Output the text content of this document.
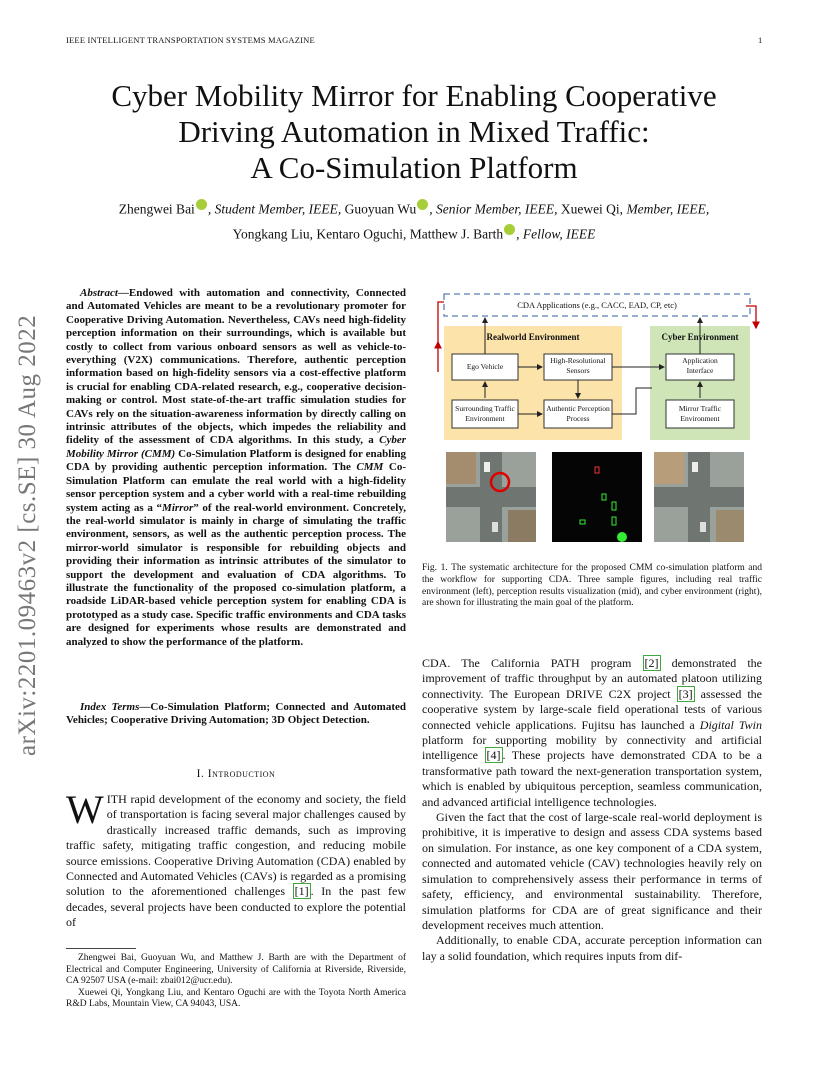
IEEE INTELLIGENT TRANSPORTATION SYSTEMS MAGAZINE	1
Cyber Mobility Mirror for Enabling Cooperative
Driving Automation in Mixed Traffic:
A Co-Simulation Platform
Zhengwei Bai , Student Member, IEEE, Guoyuan Wu , Senior Member, IEEE, Xuewei Qi, Member, IEEE,
Yongkang Liu, Kentaro Oguchi, Matthew J. Barth , Fellow, IEEE
arXiv:2201.09463v2 [cs.SE] 30 Aug 2022
Abstract—Endowed with automation and connectivity, Connected and Automated Vehicles are meant to be a revolutionary promoter for Cooperative Driving Automation. Nevertheless, CAVs need high-fidelity perception information on their surroundings, which is available but costly to collect from various onboard sensors as well as vehicle-to-everything (V2X) communications. Therefore, authentic perception information based on high-fidelity sensors via a cost-effective platform is crucial for enabling CDA-related research, e.g., cooperative decision-making or control. Most state-of-the-art traffic simulation studies for CAVs rely on the situation-awareness information by directly calling on intrinsic attributes of the objects, which impedes the reliability and fidelity of the assessment of CDA algorithms. In this study, a Cyber Mobility Mirror (CMM) Co-Simulation Platform is designed for enabling CDA by providing authentic perception information. The CMM Co-Simulation Platform can emulate the real world with a high-fidelity sensor perception system and a cyber world with a real-time rebuilding system acting as a “Mirror” of the real-world environment. Concretely, the real-world simulator is mainly in charge of simulating the traffic environment, sensors, as well as the authentic perception process. The mirror-world simulator is responsible for rebuilding objects and providing their information as intrinsic attributes of the simulator to support the development and evaluation of CDA algorithms. To illustrate the functionality of the proposed co-simulation platform, a roadside LiDAR-based vehicle perception system for enabling CDA is prototyped as a study case. Specific traffic environments and CDA tasks are designed for experiments whose results are demonstrated and analyzed to show the performance of the platform.
Index Terms—Co-Simulation Platform; Connected and Automated Vehicles; Cooperative Driving Automation; 3D Object Detection.
I. Introduction
WITH rapid development of the economy and society, the field of transportation is facing several major challenges caused by drastically increased traffic demands, such as improving traffic safety, mitigating traffic congestion, and reducing mobile source emissions. Cooperative Driving Automation (CDA) enabled by Connected and Automated Vehicles (CAVs) is regarded as a promising solution to the aforementioned challenges [1] . In the past few decades, several projects have been conducted to explore the potential of

Zhengwei Bai, Guoyuan Wu, and Matthew J. Barth are with the Department of Electrical and Computer Engineering, University of California at Riverside, Riverside, CA 92507 USA (e-mail: zbai012@ucr.edu).

Xuewei Qi, Yongkang Liu, and Kentaro Oguchi are with the Toyota North America R&D Labs, Mountain View, CA 94043, USA.

CDA Applications (e.g., CACC, EAD, CP, etc)
Realworld Environment	Cyber Environment
Ego Vehicle
High-Resolutional Sensors
Surrounding Traffic Environment
Authentic Perception Process
Application Interface
Mirror Traffic Environment
Fig. 1. The systematic architecture for the proposed CMM co-simulation platform and the workflow for supporting CDA. Three sample figures, including real traffic environment (left), perception results visualization (mid), and cyber environment (right), are shown for illustrating the main goal of the platform.

CDA. The California PATH program [2] demonstrated the improvement of traffic throughput by an automated platoon utilizing connectivity. The European DRIVE C2X project [3] assessed the cooperative system by large-scale field operational tests of various connected vehicle applications. Fujitsu has launched a Digital Twin platform for supporting mobility by connectivity and artificial intelligence [4] . These projects have demonstrated CDA to be a transformative path toward the next-generation transportation system, which is enabled by ubiquitous perception, seamless communication, and advanced artificial intelligence technologies.

Given the fact that the cost of large-scale real-world deployment is prohibitive, it is imperative to design and assess CDA systems based on simulation. For instance, as one key component of a CDA system, connected and automated vehicle (CAV) technologies heavily rely on simulation to comprehensively assess their performance in terms of safety, efficiency, and environmental sustainability. Therefore, simulation platforms for CDA are of great significance and their development receives much attention.

Additionally, to enable CDA, accurate perception information can lay a solid foundation, which requires inputs from dif-
